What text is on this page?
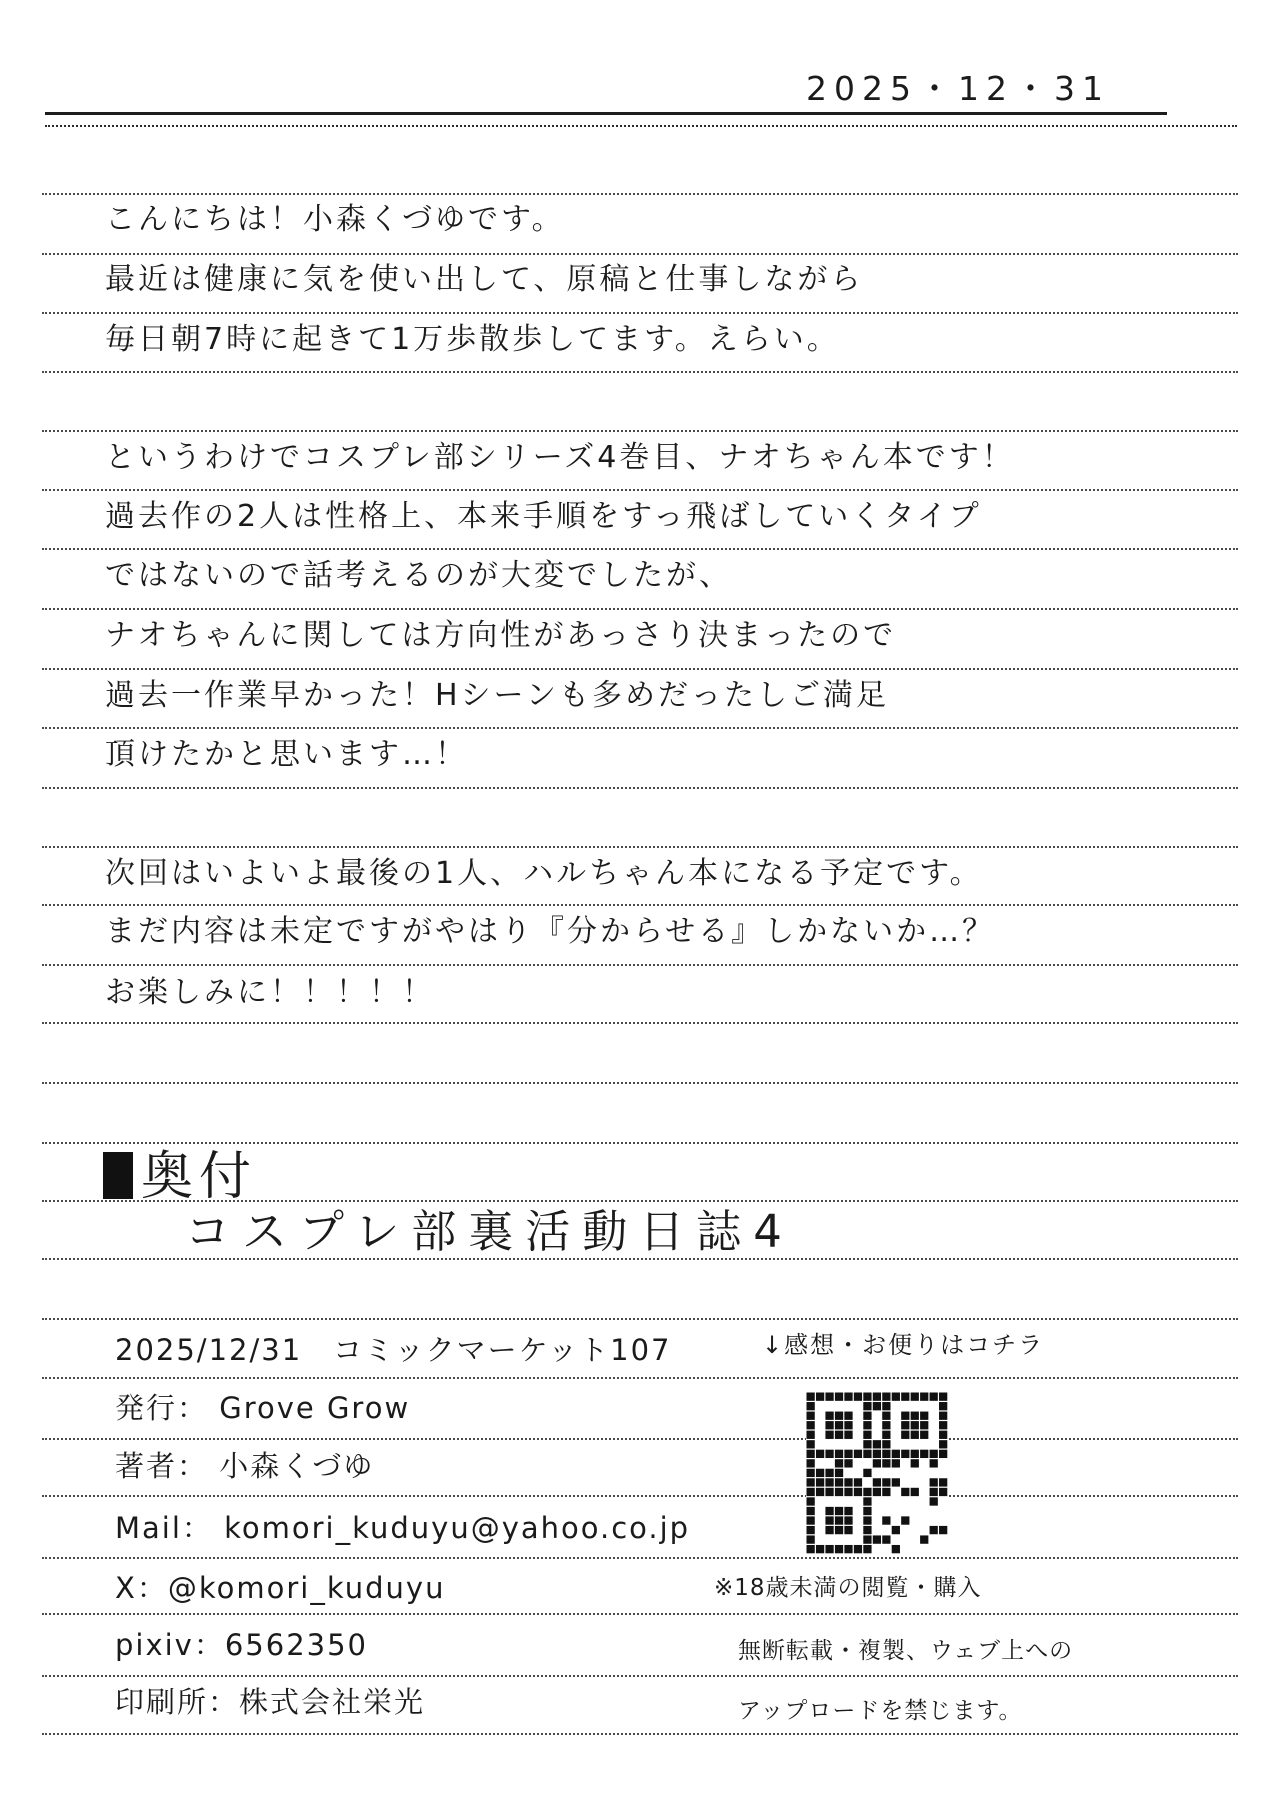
2025・12・31
こんにちは！小森くづゆです。
最近は健康に気を使い出して、原稿と仕事しながら
毎日朝7時に起きて1万歩散歩してます。えらい。
というわけでコスプレ部シリーズ4巻目、ナオちゃん本です！
過去作の2人は性格上、本来手順をすっ飛ばしていくタイプ
ではないので話考えるのが大変でしたが、
ナオちゃんに関しては方向性があっさり決まったので
過去一作業早かった！Hシーンも多めだったしご満足
頂けたかと思います…！
次回はいよいよ最後の1人、ハルちゃん本になる予定です。
まだ内容は未定ですがやはり『分からせる』しかないか…？
お楽しみに！！！！！
奥付
コスプレ部裏活動日誌4
2025/12/31　コミックマーケット107
発行： Grove Grow
著者： 小森くづゆ
Mail： komori_kuduyu@yahoo.co.jp
X：@komori_kuduyu
pixiv：6562350
印刷所：株式会社栄光
↓感想・お便りはコチラ
※18歳未満の閲覧・購入
無断転載・複製、ウェブ上への
アップロードを禁じます。
